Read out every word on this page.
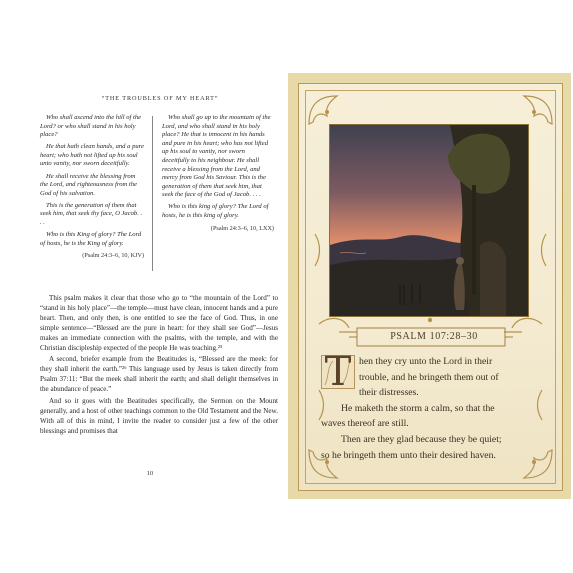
“THE TROUBLES OF MY HEART”

Who shall ascend into the hill of the Lord? or who shall stand in his holy place?

He that hath clean hands, and a pure heart; who hath not lifted up his soul unto vanity, nor sworn deceitfully.

He shall receive the blessing from the Lord, and righteousness from the God of his salvation.

This is the generation of them that seek him, that seek thy face, O Jacob. . . .

Who is this King of glory? The Lord of hosts, he is the King of glory.

(Psalm 24:3–6, 10, KJV)

Who shall go up to the mountain of the Lord, and who shall stand in his holy place? He that is innocent in his hands and pure in his heart; who has not lifted up his soul to vanity, nor sworn deceitfully to his neighbour. He shall receive a blessing from the Lord, and mercy from God his Saviour. This is the generation of them that seek him, that seek the face of the God of Jacob. . . .

Who is this king of glory? The Lord of hosts, he is this king of glory.

(Psalm 24:3–6, 10, LXX)

This psalm makes it clear that those who go to “the mountain of the Lord” to “stand in his holy place”—the temple—must have clean, innocent hands and a pure heart. Then, and only then, is one entitled to see the face of God. Thus, in one simple sentence—“Blessed are the pure in heart: for they shall see God”—Jesus makes an immediate connection with the psalms, with the temple, and with the Christian discipleship expected of the people He was teaching.²⁵

A second, briefer example from the Beatitudes is, “Blessed are the meek: for they shall inherit the earth.”²⁶ This language used by Jesus is taken directly from Psalm 37:11: “But the meek shall inherit the earth; and shall delight themselves in the abundance of peace.”

And so it goes with the Beatitudes specifically, the Sermon on the Mount generally, and a host of other teachings common to the Old Testament and the New. With all of this in mind, I invite the reader to consider just a few of the other blessings and promises that

10
PSALM 107:28–30
T hen they cry unto the Lord in their
trouble, and he bringeth them out of
their distresses.
He maketh the storm a calm, so that the
waves thereof are still.
Then are they glad because they be quiet;
so he bringeth them unto their desired haven.
